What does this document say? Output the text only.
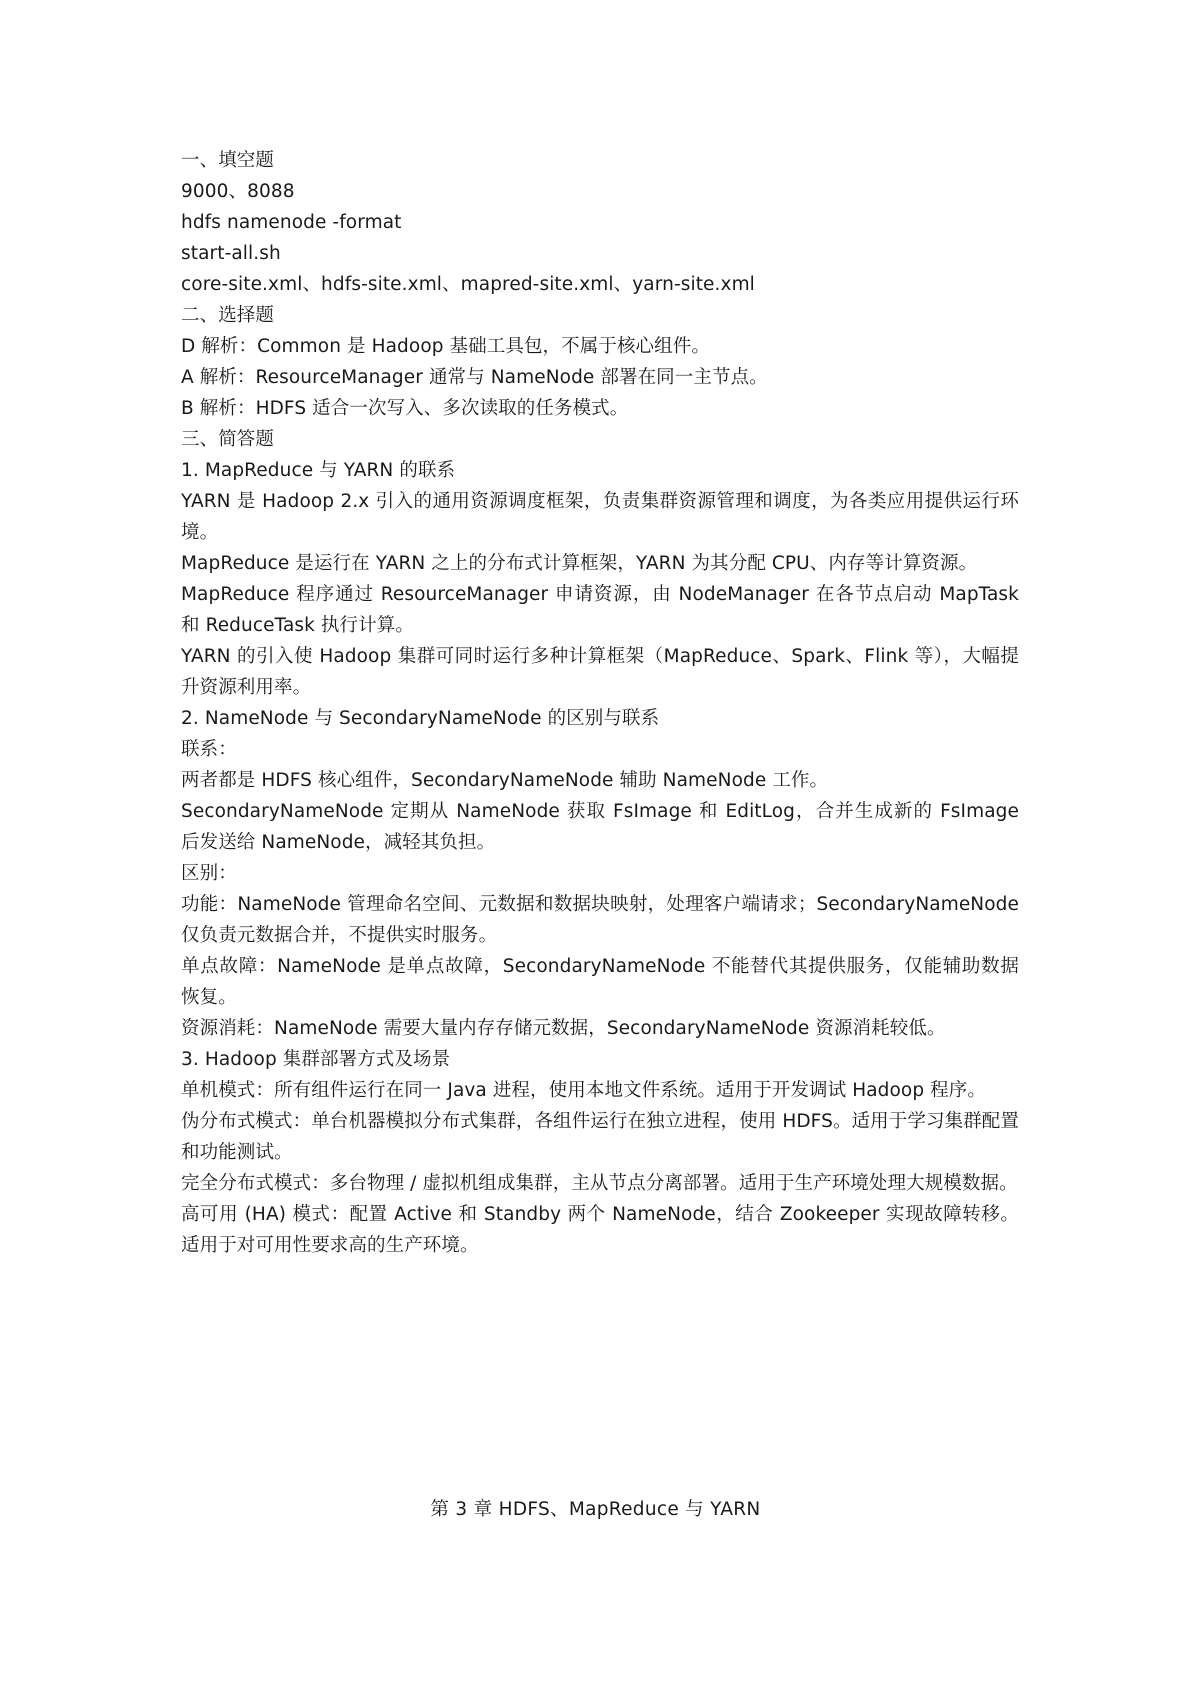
一、填空题

9000、8088

hdfs namenode -format

start-all.sh

core-site.xml、hdfs-site.xml、mapred-site.xml、yarn-site.xml

二、选择题

D 解析：Common 是 Hadoop 基础工具包，不属于核心组件。

A 解析：ResourceManager 通常与 NameNode 部署在同一主节点。

B 解析：HDFS 适合一次写入、多次读取的任务模式。

三、简答题

1. MapReduce 与 YARN 的联系

YARN 是 Hadoop 2.x 引入的通用资源调度框架，负责集群资源管理和调度，为各类应用提供运行环境。

MapReduce 是运行在 YARN 之上的分布式计算框架，YARN 为其分配 CPU、内存等计算资源。

MapReduce 程序通过 ResourceManager 申请资源，由 NodeManager 在各节点启动 MapTask 和 ReduceTask 执行计算。

YARN 的引入使 Hadoop 集群可同时运行多种计算框架（MapReduce、Spark、Flink 等），大幅提升资源利用率。

2. NameNode 与 SecondaryNameNode 的区别与联系

联系：

两者都是 HDFS 核心组件，SecondaryNameNode 辅助 NameNode 工作。

SecondaryNameNode 定期从 NameNode 获取 FsImage 和 EditLog，合并生成新的 FsImage 后发送给 NameNode，减轻其负担。

区别：

功能：NameNode 管理命名空间、元数据和数据块映射，处理客户端请求；SecondaryNameNode 仅负责元数据合并，不提供实时服务。

单点故障：NameNode 是单点故障，SecondaryNameNode 不能替代其提供服务，仅能辅助数据恢复。

资源消耗：NameNode 需要大量内存存储元数据，SecondaryNameNode 资源消耗较低。

3. Hadoop 集群部署方式及场景

单机模式：所有组件运行在同一 Java 进程，使用本地文件系统。适用于开发调试 Hadoop 程序。

伪分布式模式：单台机器模拟分布式集群，各组件运行在独立进程，使用 HDFS。适用于学习集群配置和功能测试。

完全分布式模式：多台物理 / 虚拟机组成集群，主从节点分离部署。适用于生产环境处理大规模数据。

高可用 (HA) 模式：配置 Active 和 Standby 两个 NameNode，结合 Zookeeper 实现故障转移。适用于对可用性要求高的生产环境。

第 3 章 HDFS、MapReduce 与 YARN
